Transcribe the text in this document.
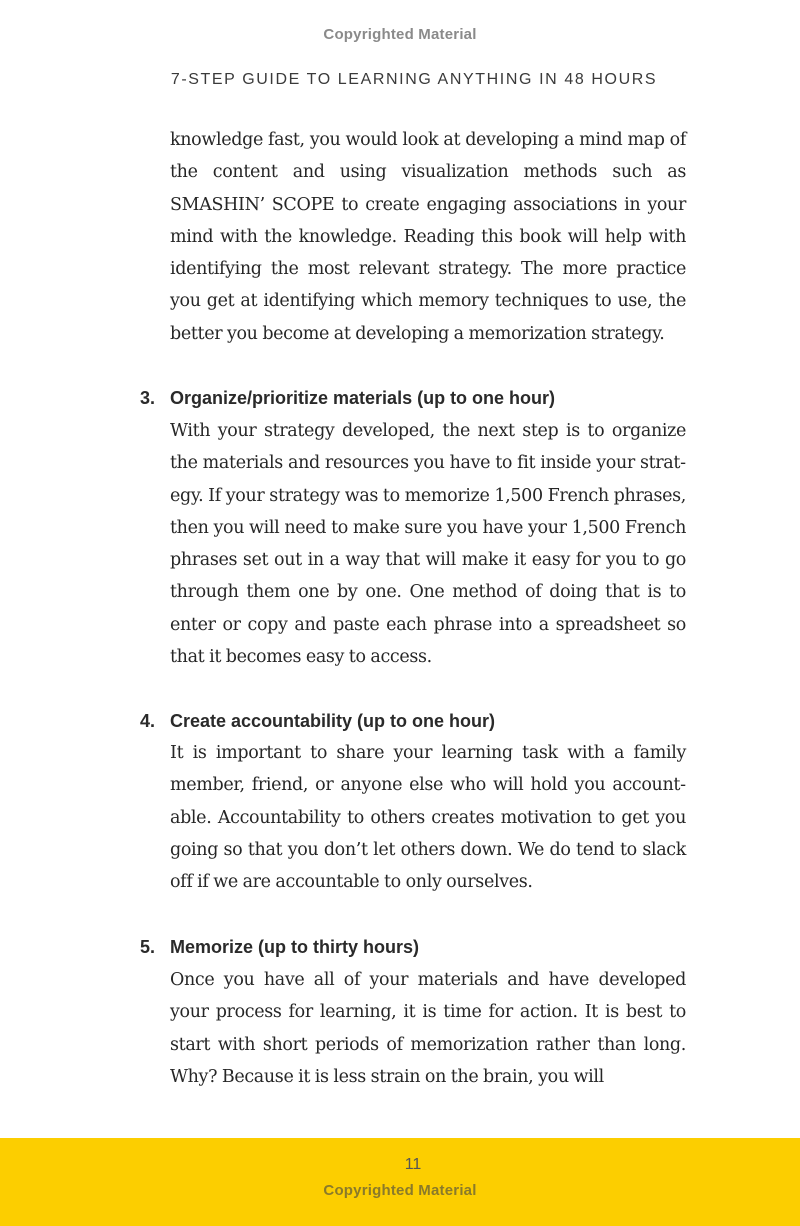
Copyrighted Material
7-STEP GUIDE TO LEARNING ANYTHING IN 48 HOURS

knowledge fast, you would look at developing a mind map of the content and using visualization methods such as SMASHIN’ SCOPE to create engaging associations in your mind with the knowledge. Reading this book will help with identifying the most relevant strategy. The more practice you get at identifying which memory techniques to use, the better you become at developing a memorization strategy.

3. Organize/prioritize materials (up to one hour)

With your strategy developed, the next step is to organize the materials and resources you have to fit inside your strategy. If your strategy was to memorize 1,500 French phrases, then you will need to make sure you have your 1,500 French phrases set out in a way that will make it easy for you to go through them one by one. One method of doing that is to enter or copy and paste each phrase into a spreadsheet so that it becomes easy to access.

4. Create accountability (up to one hour)

It is important to share your learning task with a family member, friend, or anyone else who will hold you accountable. Accountability to others creates motivation to get you going so that you don’t let others down. We do tend to slack off if we are accountable to only ourselves.

5. Memorize (up to thirty hours)

Once you have all of your materials and have developed your process for learning, it is time for action. It is best to start with short periods of memorization rather than long. Why? Because it is less strain on the brain, you will

11
Copyrighted Material
